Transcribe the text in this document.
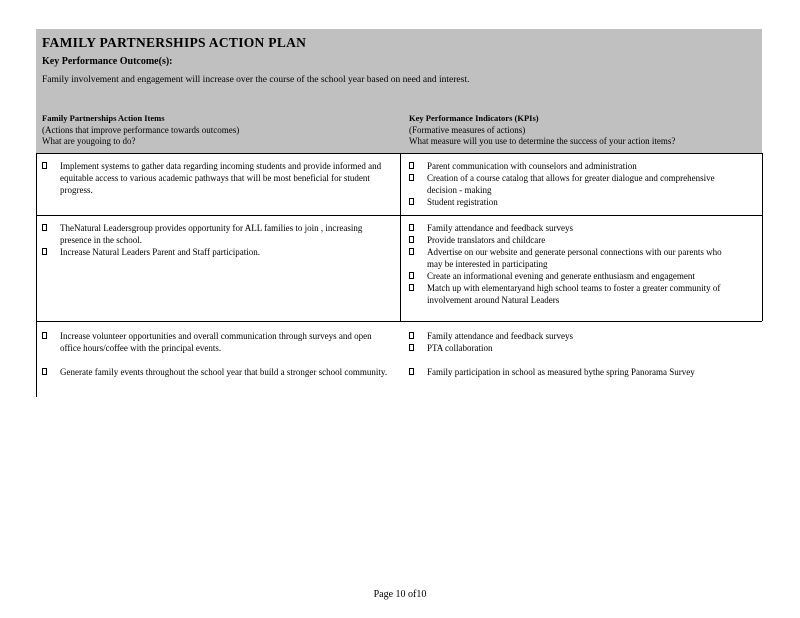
FAMILY PARTNERSHIPS ACTION PLAN
Key Performance Outcome(s):
Family involvement and engagement will increase over the course of the school year based on need and interest.
Family Partnerships Action Items
(Actions that improve performance towards outcomes)
What are yougoing to do?
Key Performance Indicators (KPIs)
(Formative measures of actions)
What measure will you use to determine the success of your action items?
Implement systems to gather data regarding incoming students and provide informed and equitable access to various academic pathways that will be most beneficial for student progress.
Parent communication with counselors and administration
Creation of a course catalog that allows for greater dialogue and comprehensive decision - making
Student registration
TheNatural Leadersgroup provides opportunity for ALL families to join , increasing presence in the school.
Increase Natural Leaders Parent and Staff participation.
Family attendance and feedback surveys
Provide translators and childcare
Advertise on our website and generate personal connections with our parents who may be interested in participating
Create an informational evening and generate enthusiasm and engagement
Match up with elementaryand high school teams to foster a greater community of involvement around Natural Leaders
Increase volunteer opportunities and overall communication through surveys and open office hours/coffee with the principal events.
Generate family events throughout the school year that build a stronger school community.
Family attendance and feedback surveys
PTA collaboration
Family participation in school as measured bythe spring Panorama Survey
Page 10 of10
